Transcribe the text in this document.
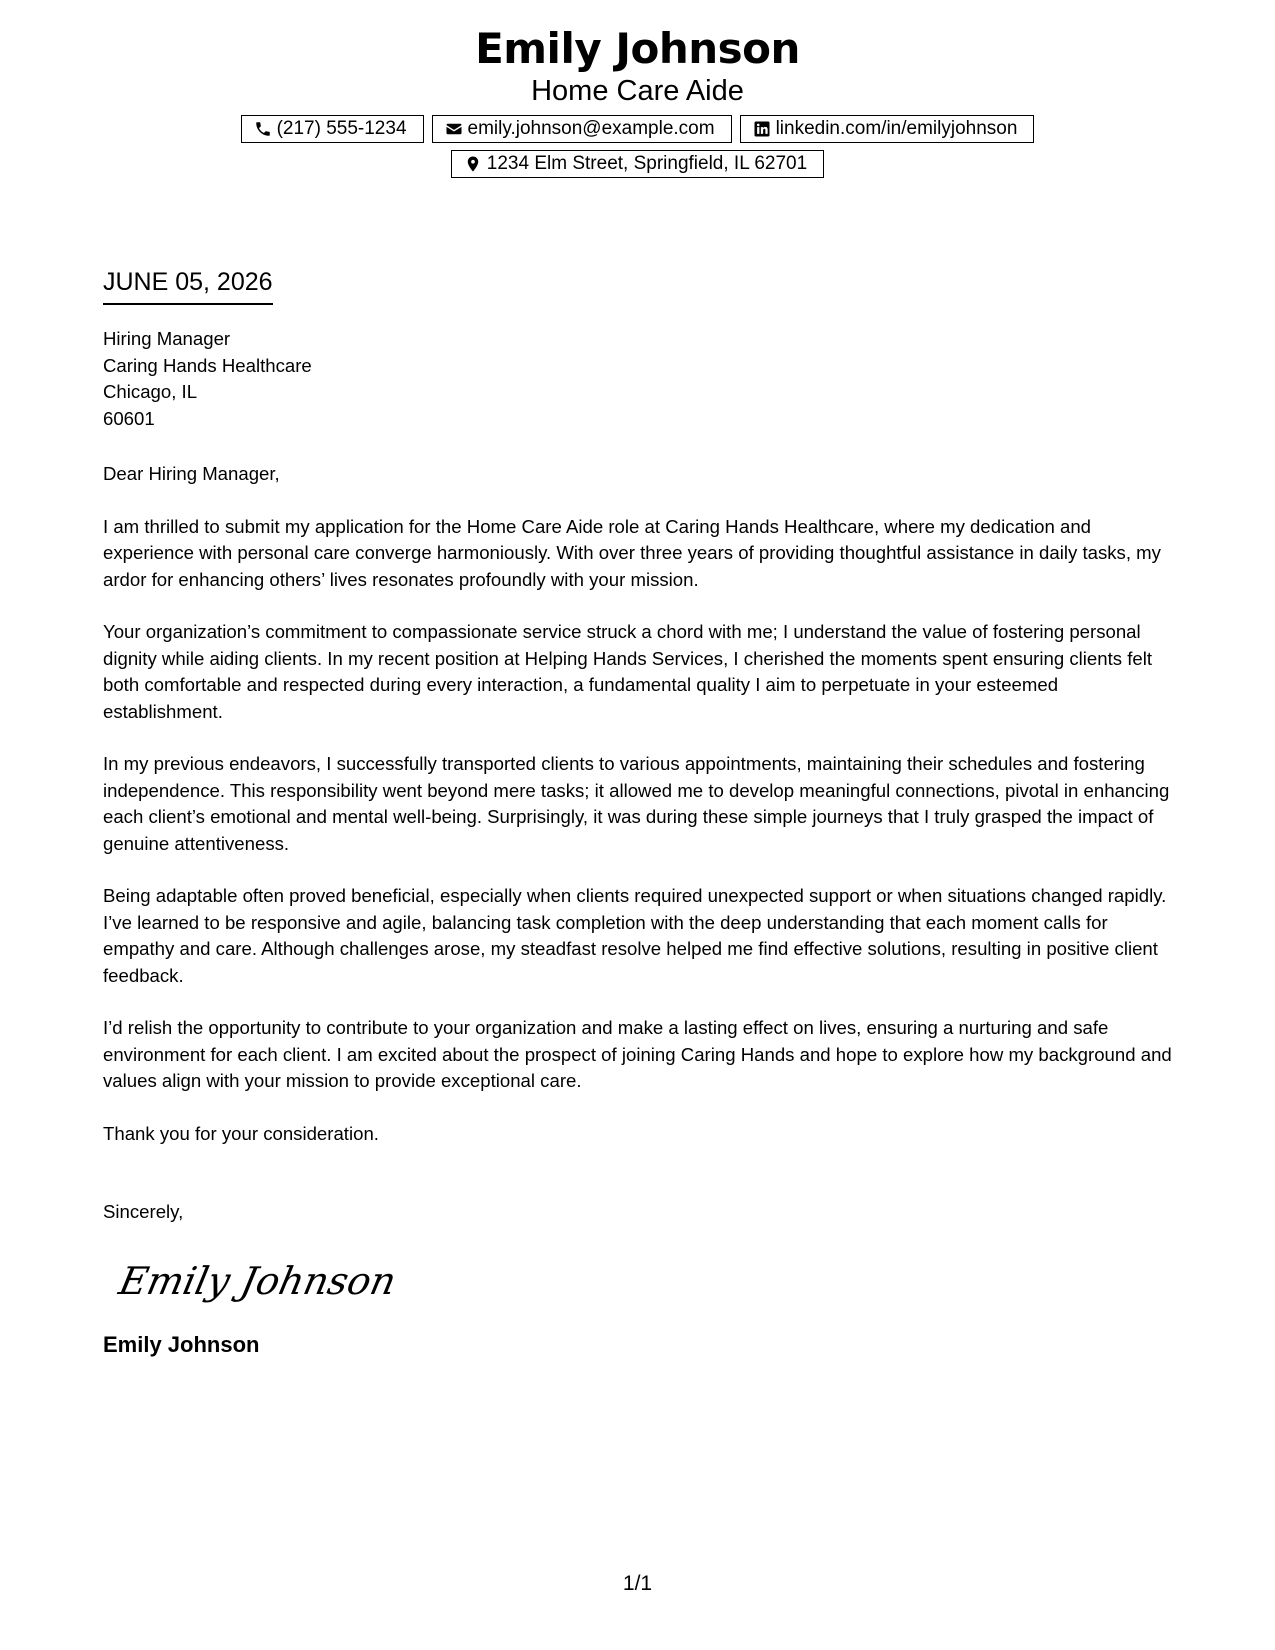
Emily Johnson
Home Care Aide
(217) 555-1234	emily.johnson@example.com	linkedin.com/in/emilyjohnson
1234 Elm Street, Springfield, IL 62701
JUNE 05, 2026
Hiring Manager
Caring Hands Healthcare
Chicago, IL
60601
Dear Hiring Manager,
I am thrilled to submit my application for the Home Care Aide role at Caring Hands Healthcare, where my dedication and experience with personal care converge harmoniously. With over three years of providing thoughtful assistance in daily tasks, my ardor for enhancing others’ lives resonates profoundly with your mission.
Your organization’s commitment to compassionate service struck a chord with me; I understand the value of fostering personal dignity while aiding clients. In my recent position at Helping Hands Services, I cherished the moments spent ensuring clients felt both comfortable and respected during every interaction, a fundamental quality I aim to perpetuate in your esteemed establishment.
In my previous endeavors, I successfully transported clients to various appointments, maintaining their schedules and fostering independence. This responsibility went beyond mere tasks; it allowed me to develop meaningful connections, pivotal in enhancing each client’s emotional and mental well-being. Surprisingly, it was during these simple journeys that I truly grasped the impact of genuine attentiveness.
Being adaptable often proved beneficial, especially when clients required unexpected support or when situations changed rapidly. I’ve learned to be responsive and agile, balancing task completion with the deep understanding that each moment calls for empathy and care. Although challenges arose, my steadfast resolve helped me find effective solutions, resulting in positive client feedback.
I’d relish the opportunity to contribute to your organization and make a lasting effect on lives, ensuring a nurturing and safe environment for each client. I am excited about the prospect of joining Caring Hands and hope to explore how my background and values align with your mission to provide exceptional care.
Thank you for your consideration.
Sincerely,
Emily Johnson
Emily Johnson
1/1
